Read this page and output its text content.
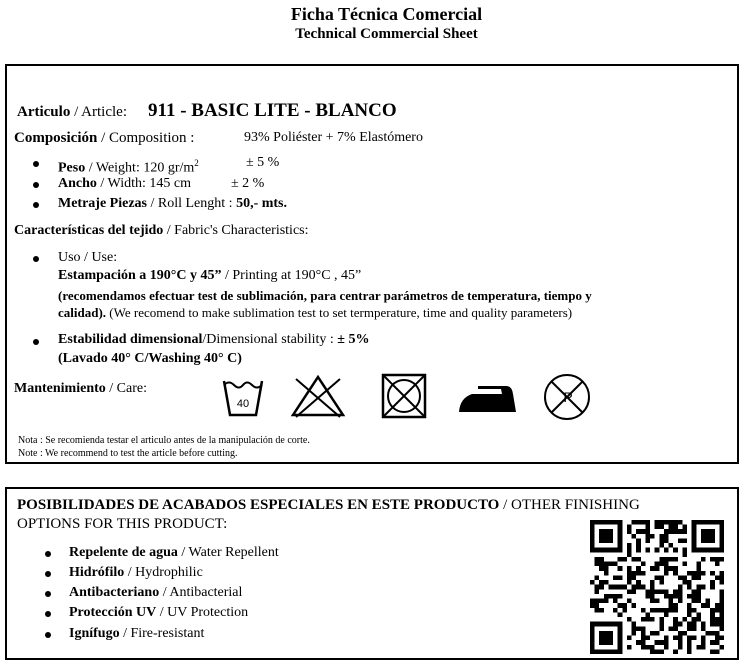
Ficha Técnica Comercial
Technical Commercial Sheet
Articulo / Article: 911 - BASIC LITE - BLANCO
Composición / Composition :	93% Poliéster + 7% Elastómero
Peso / Weight: 120 $gr/m^2$	± 5 %
Ancho / Width: 145 cm	± 2 %
Metraje Piezas / Roll Lenght : 50,- mts.
Características del tejido / Fabric's Characteristics:
Uso / Use:
Estampación a 190°C y 45” / Printing at 190°C , 45”
(recomendamos efectuar test de sublimación, para centrar parámetros de temperatura, tiempo y
calidad). (We recomend to make sublimation test to set termperature, time and quality parameters)
Estabilidad dimensional/Dimensional stability : ± 5%
(Lavado 40° C/Washing 40° C)
Mantenimiento / Care:
40	P
Nota : Se recomienda testar el articulo antes de la manipulación de corte.
Note : We recommend to test the article before cutting.
POSIBILIDADES DE ACABADOS ESPECIALES EN ESTE PRODUCTO / OTHER FINISHING
OPTIONS FOR THIS PRODUCT:
Repelente de agua / Water Repellent
Hidrófilo / Hydrophilic
Antibacteriano / Antibacterial
Protección UV / UV Protection
Ignífugo / Fire-resistant
